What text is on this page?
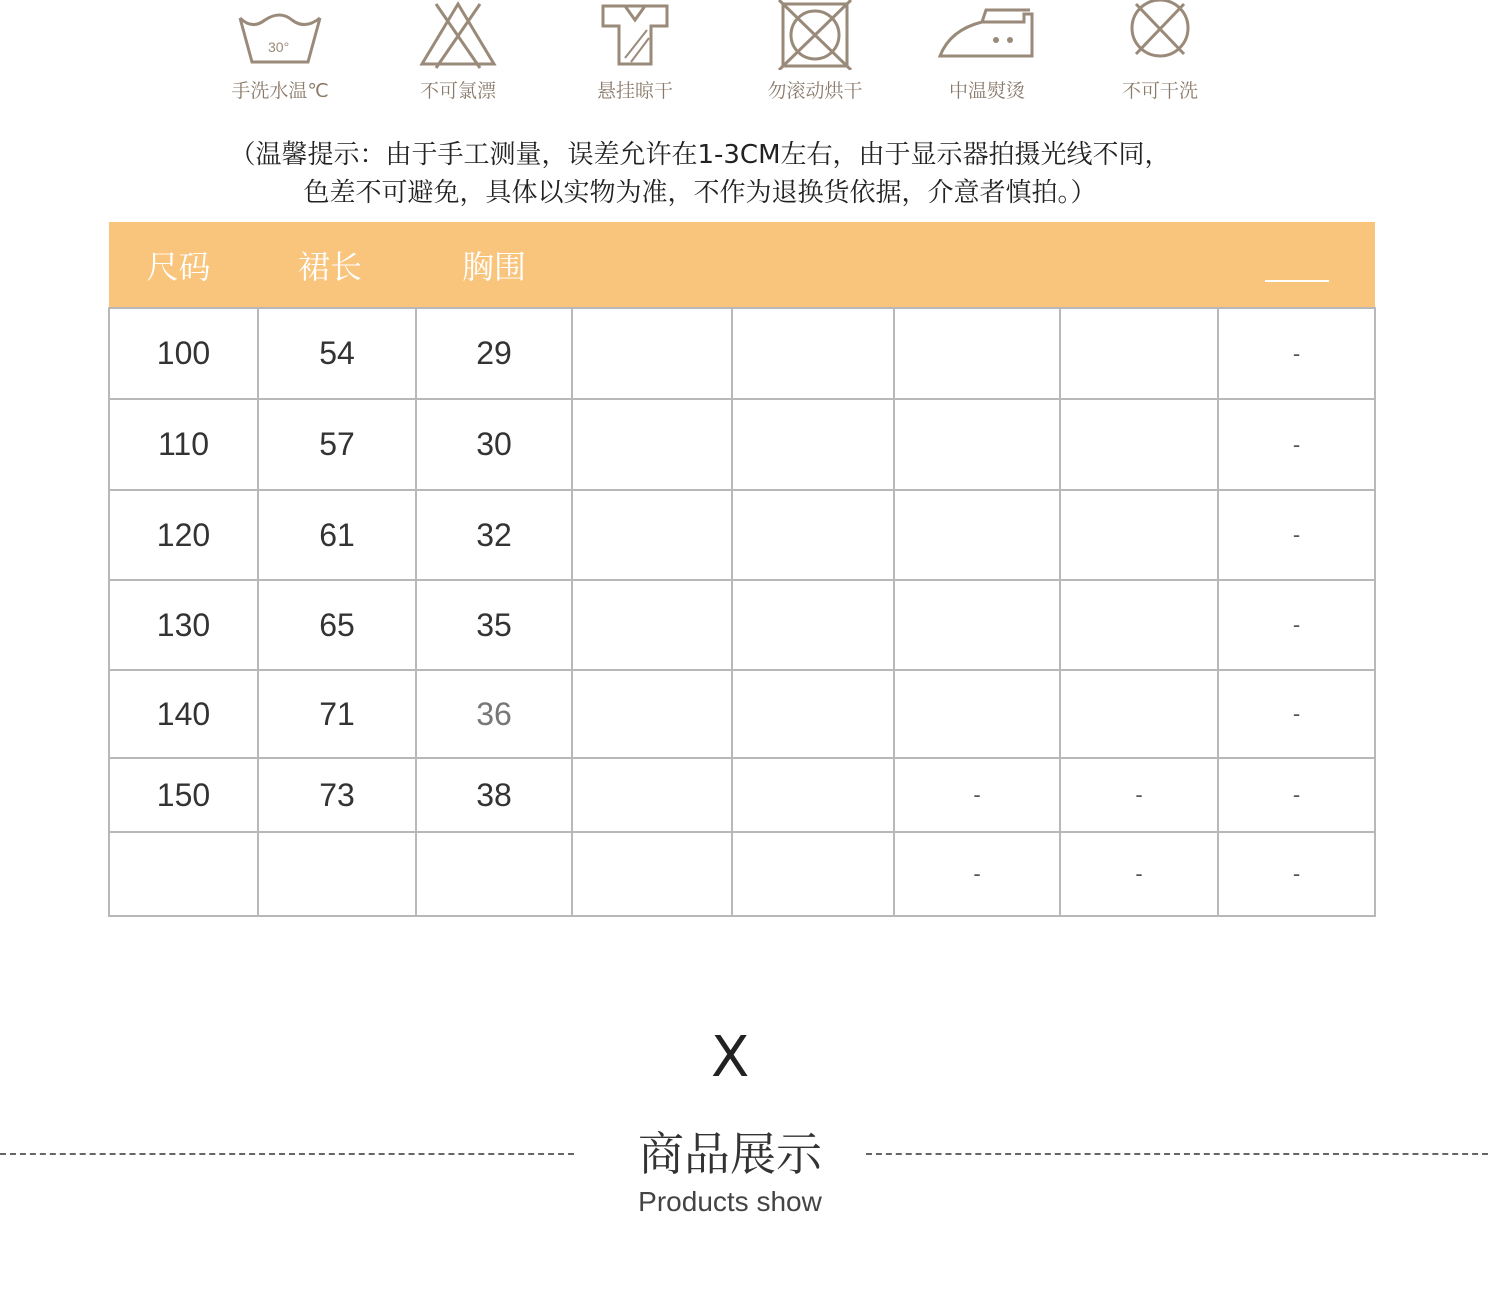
30°
手洗水温℃	不可氯漂	悬挂晾干	勿滚动烘干	中温熨烫	不可干洗
（温馨提示：由于手工测量，误差允许在1-3CM左右，由于显示器拍摄光线不同，
色差不可避免，具体以实物为准，不作为退换货依据，介意者慎拍。）
尺码	裙长	胸围					
100	54	29					-
110	57	30					-
120	61	32					-
130	65	35					-
140	71	36					-
150	73	38			-	-	-
					-	-	-
X
商品展示
Products show
